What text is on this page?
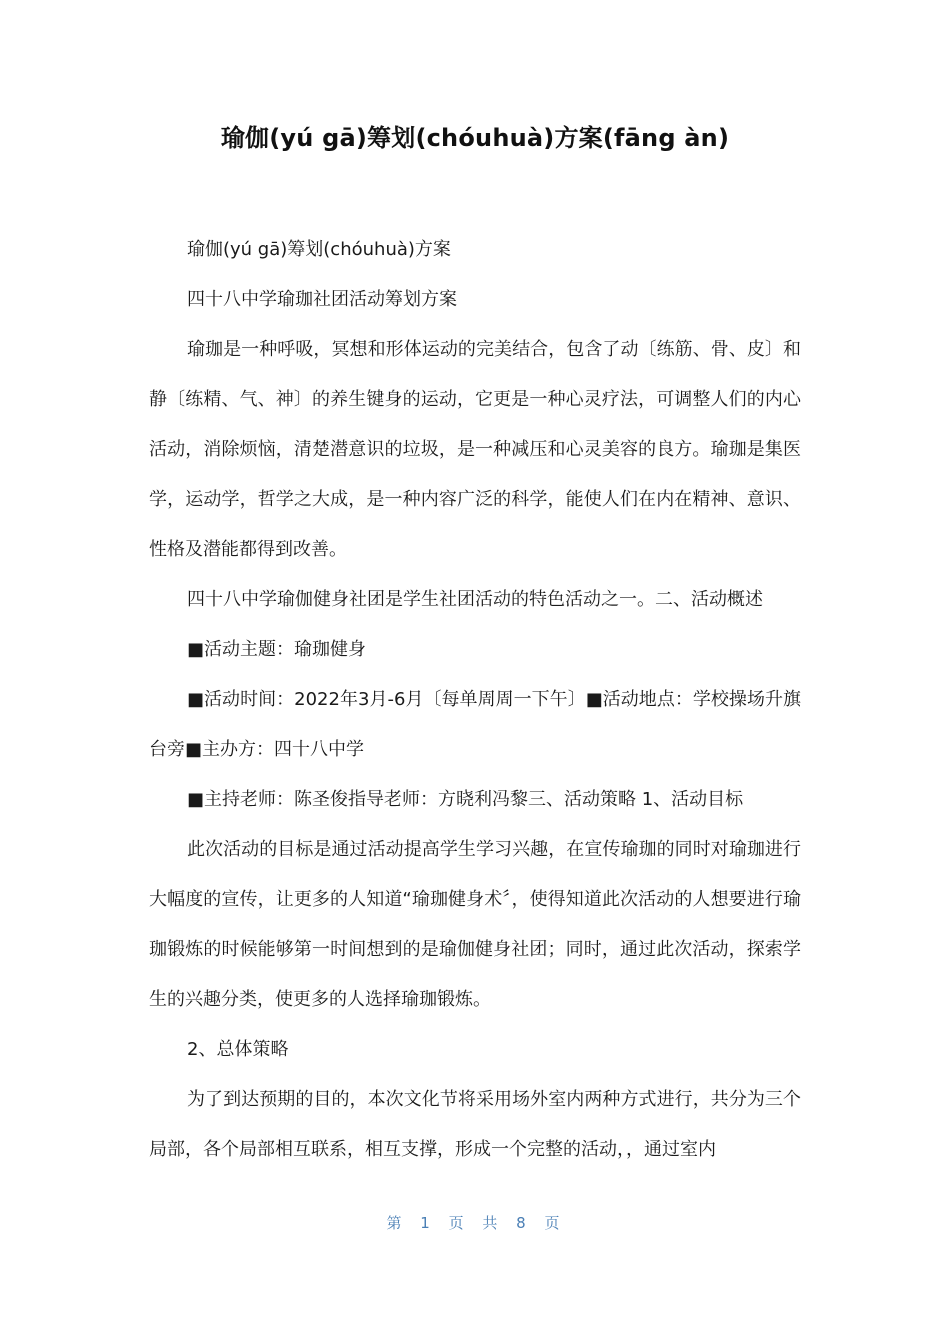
瑜伽(yú gā)筹划(chóuhuà)方案(fāng àn)

瑜伽(yú gā)筹划(chóuhuà)方案

四十八中学瑜珈社团活动筹划方案

瑜珈是一种呼吸，冥想和形体运动的完美结合，包含了动〔练筋、骨、皮〕和静〔练精、气、神〕的养生键身的运动，它更是一种心灵疗法，可调整人们的内心活动，消除烦恼，清楚潜意识的垃圾，是一种减压和心灵美容的良方。瑜珈是集医学，运动学，哲学之大成，是一种内容广泛的科学，能使人们在内在精神、意识、性格及潜能都得到改善。

四十八中学瑜伽健身社团是学生社团活动的特色活动之一。二、活动概述

■活动主题：瑜珈健身

■活动时间：2022年3月-6月〔每单周周一下午〕■活动地点：学校操场升旗台旁■主办方：四十八中学

■主持老师：陈圣俊指导老师：方晓利冯黎三、活动策略 1、活动目标

此次活动的目标是通过活动提高学生学习兴趣，在宣传瑜珈的同时对瑜珈进行大幅度的宣传，让更多的人知道“瑜珈健身术〞，使得知道此次活动的人想要进行瑜珈锻炼的时候能够第一时间想到的是瑜伽健身社团；同时，通过此次活动，探索学生的兴趣分类，使更多的人选择瑜珈锻炼。

2、总体策略

为了到达预期的目的，本次文化节将采用场外室内两种方式进行，共分为三个局部，各个局部相互联系，相互支撑，形成一个完整的活动，，通过室内

第 1 页 共 8 页
